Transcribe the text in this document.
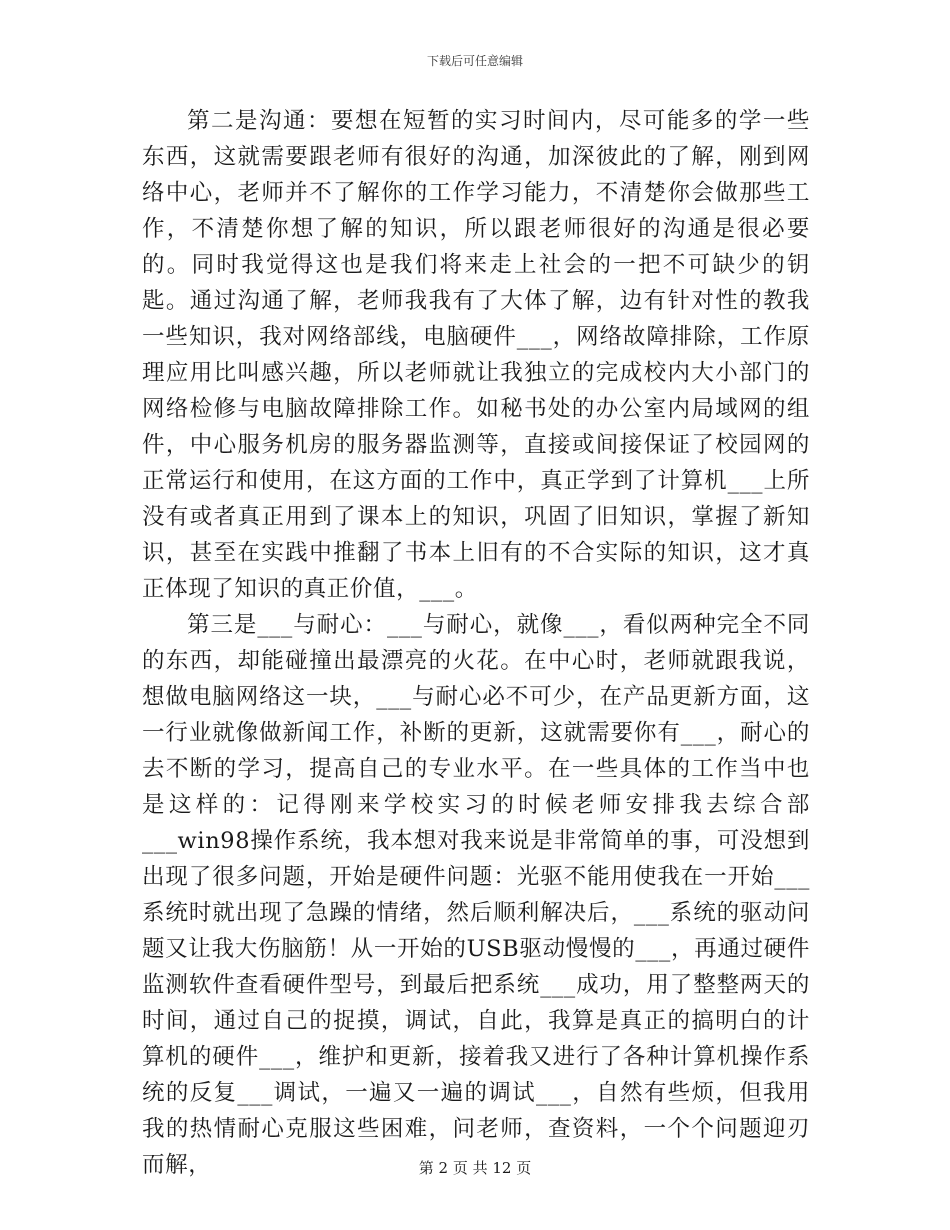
下载后可任意编辑

第二是沟通：要想在短暂的实习时间内，尽可能多的学一些东西，这就需要跟老师有很好的沟通，加深彼此的了解，刚到网络中心，老师并不了解你的工作学习能力，不清楚你会做那些工作，不清楚你想了解的知识，所以跟老师很好的沟通是很必要的。同时我觉得这也是我们将来走上社会的一把不可缺少的钥匙。通过沟通了解，老师我我有了大体了解，边有针对性的教我一些知识，我对网络部线，电脑硬件___，网络故障排除，工作原理应用比叫感兴趣，所以老师就让我独立的完成校内大小部门的网络检修与电脑故障排除工作。如秘书处的办公室内局域网的组件，中心服务机房的服务器监测等，直接或间接保证了校园网的正常运行和使用，在这方面的工作中，真正学到了计算机___上所没有或者真正用到了课本上的知识，巩固了旧知识，掌握了新知识，甚至在实践中推翻了书本上旧有的不合实际的知识，这才真正体现了知识的真正价值，___。

第三是___与耐心：___与耐心，就像___，看似两种完全不同的东西，却能碰撞出最漂亮的火花。在中心时，老师就跟我说，想做电脑网络这一块，___与耐心必不可少，在产品更新方面，这一行业就像做新闻工作，补断的更新，这就需要你有___，耐心的去不断的学习，提高自己的专业水平。在一些具体的工作当中也是这样的：记得刚来学校实习的时候老师安排我去综合部___win98操作系统，我本想对我来说是非常简单的事，可没想到出现了很多问题，开始是硬件问题：光驱不能用使我在一开始___系统时就出现了急躁的情绪，然后顺利解决后，___系统的驱动问题又让我大伤脑筋！从一开始的USB驱动慢慢的___，再通过硬件监测软件查看硬件型号，到最后把系统___成功，用了整整两天的时间，通过自己的捉摸，调试，自此，我算是真正的搞明白的计算机的硬件___，维护和更新，接着我又进行了各种计算机操作系统的反复___调试，一遍又一遍的调试___，自然有些烦，但我用我的热情耐心克服这些困难，问老师，查资料，一个个问题迎刃而解，	第 2 页 共 12 页
